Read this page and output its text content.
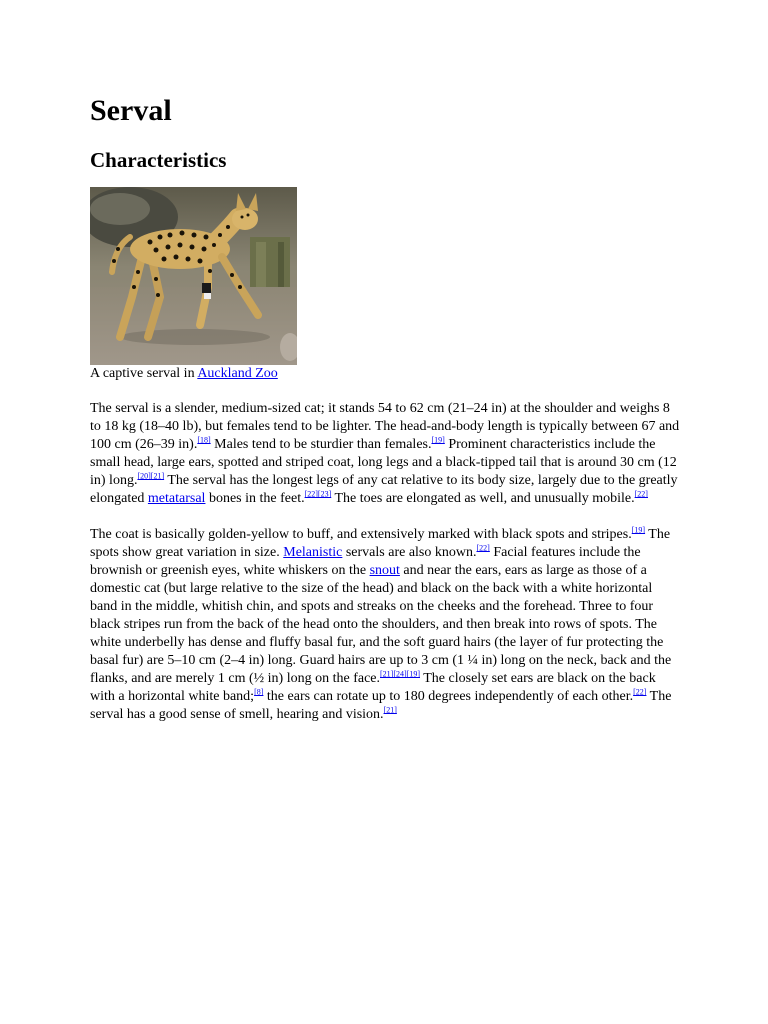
Serval
Characteristics
A captive serval in Auckland Zoo

The serval is a slender, medium-sized cat; it stands 54 to 62 cm (21–24 in) at the shoulder and weighs 8 to 18 kg (18–40 lb), but females tend to be lighter. The head-and-body length is typically between 67 and 100 cm (26–39 in).[18] Males tend to be sturdier than females.[19] Prominent characteristics include the small head, large ears, spotted and striped coat, long legs and a black-tipped tail that is around 30 cm (12 in) long.[20][21] The serval has the longest legs of any cat relative to its body size, largely due to the greatly elongated metatarsal bones in the feet.[22][23] The toes are elongated as well, and unusually mobile.[22]

The coat is basically golden-yellow to buff, and extensively marked with black spots and stripes.[19] The spots show great variation in size. Melanistic servals are also known.[22] Facial features include the brownish or greenish eyes, white whiskers on the snout and near the ears, ears as large as those of a domestic cat (but large relative to the size of the head) and black on the back with a white horizontal band in the middle, whitish chin, and spots and streaks on the cheeks and the forehead. Three to four black stripes run from the back of the head onto the shoulders, and then break into rows of spots. The white underbelly has dense and fluffy basal fur, and the soft guard hairs (the layer of fur protecting the basal fur) are 5–10 cm (2–4 in) long. Guard hairs are up to 3 cm (1 ¼ in) long on the neck, back and the flanks, and are merely 1 cm (½ in) long on the face.[21][24][19] The closely set ears are black on the back with a horizontal white band;[8] the ears can rotate up to 180 degrees independently of each other.[22] The serval has a good sense of smell, hearing and vision.[21]
